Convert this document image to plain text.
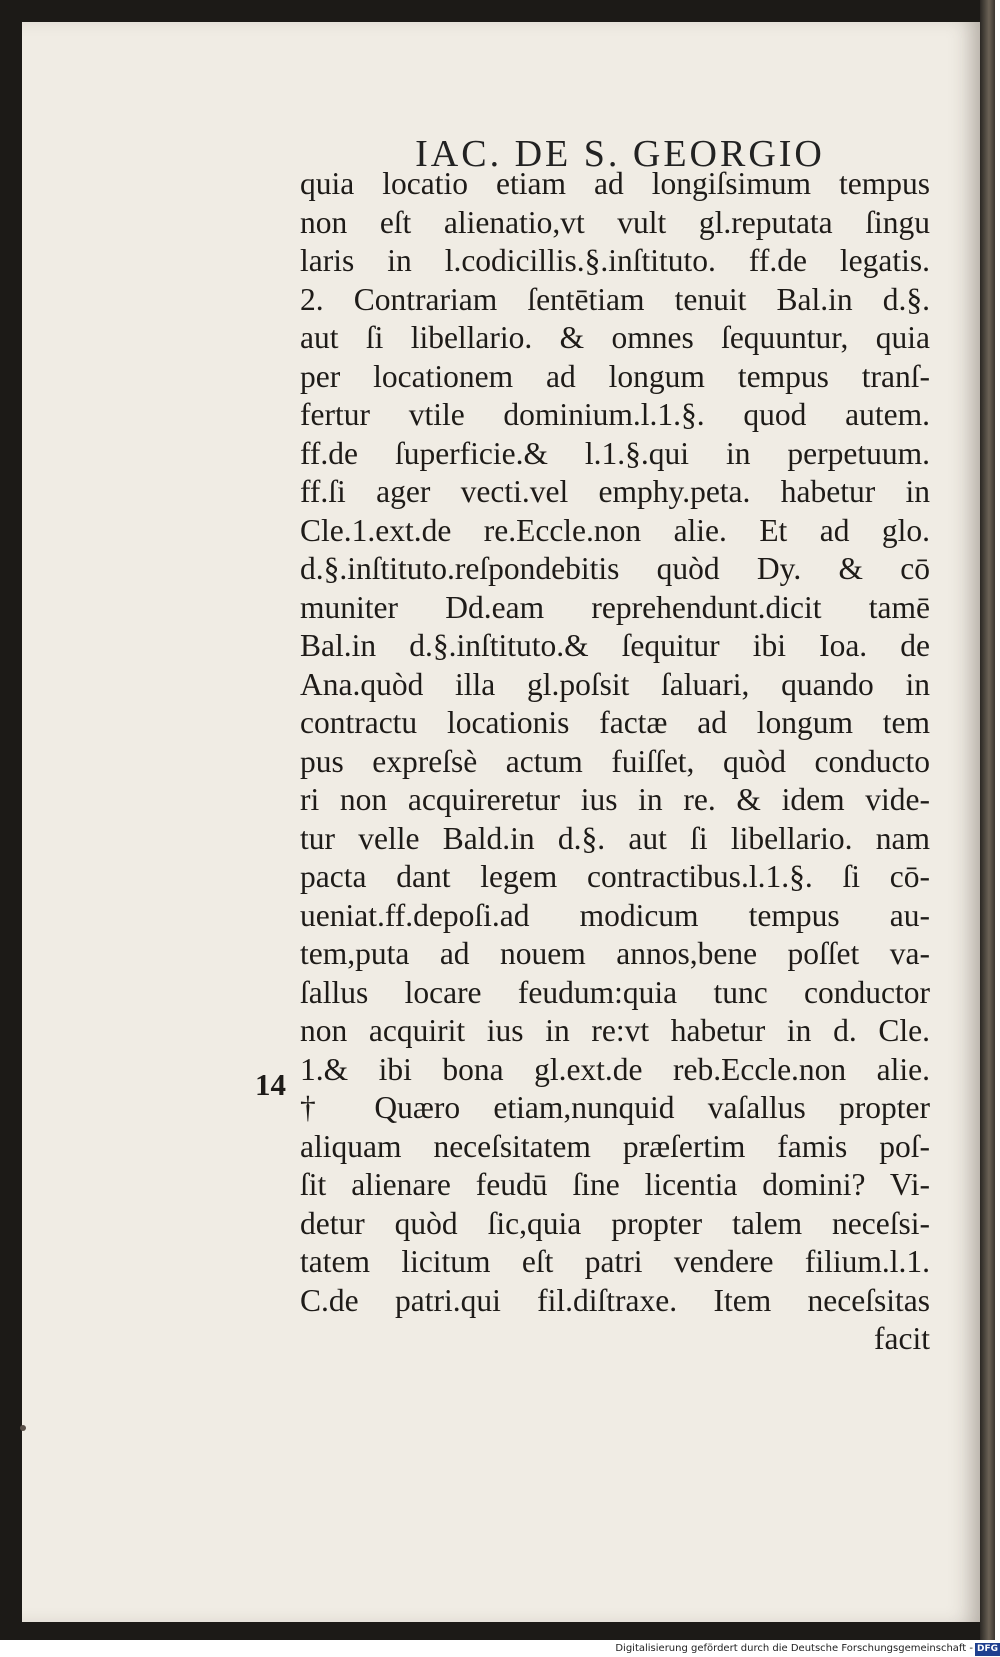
IAC. DE S. GEORGIO
quia locatio etiam ad longiſsimum tempus
non eſt alienatio,vt vult gl.reputata ſingu
laris in l.codicillis.§.inſtituto. ff.de legatis.
2. Contrariam ſentētiam tenuit Bal.in d.§.
aut ſi libellario. & omnes ſequuntur, quia
per locationem ad longum tempus tranſ-
fertur vtile dominium.l.1.§. quod autem.
ff.de ſuperficie.& l.1.§.qui in perpetuum.
ff.ſi ager vecti.vel emphy.peta. habetur in
Cle.1.ext.de re.Eccle.non alie. Et ad glo.
d.§.inſtituto.reſpondebitis quòd Dy. & cō
muniter Dd.eam reprehendunt.dicit tamē
Bal.in d.§.inſtituto.& ſequitur ibi Ioa. de
Ana.quòd illa gl.poſsit ſaluari, quando in
contractu locationis factæ ad longum tem
pus expreſsè actum fuiſſet, quòd conducto
ri non acquireretur ius in re. & idem vide-
tur velle Bald.in d.§. aut ſi libellario. nam
pacta dant legem contractibus.l.1.§. ſi cō-
ueniat.ff.depoſi.ad modicum tempus au-
tem,puta ad nouem annos,bene poſſet va-
ſallus locare feudum:quia tunc conductor
non acquirit ius in re:vt habetur in d. Cle.
1.& ibi bona gl.ext.de reb.Eccle.non alie.
† Quæro etiam,nunquid vaſallus propter
aliquam neceſsitatem præſertim famis poſ-
ſit alienare feudū ſine licentia domini? Vi-
detur quòd ſic,quia propter talem neceſsi-
tatem licitum eſt patri vendere filium.l.1.
C.de patri.qui fil.diſtraxe. Item neceſsitas
facit
14
Digitalisierung gefördert durch die Deutsche Forschungsgemeinschaft - DFG
